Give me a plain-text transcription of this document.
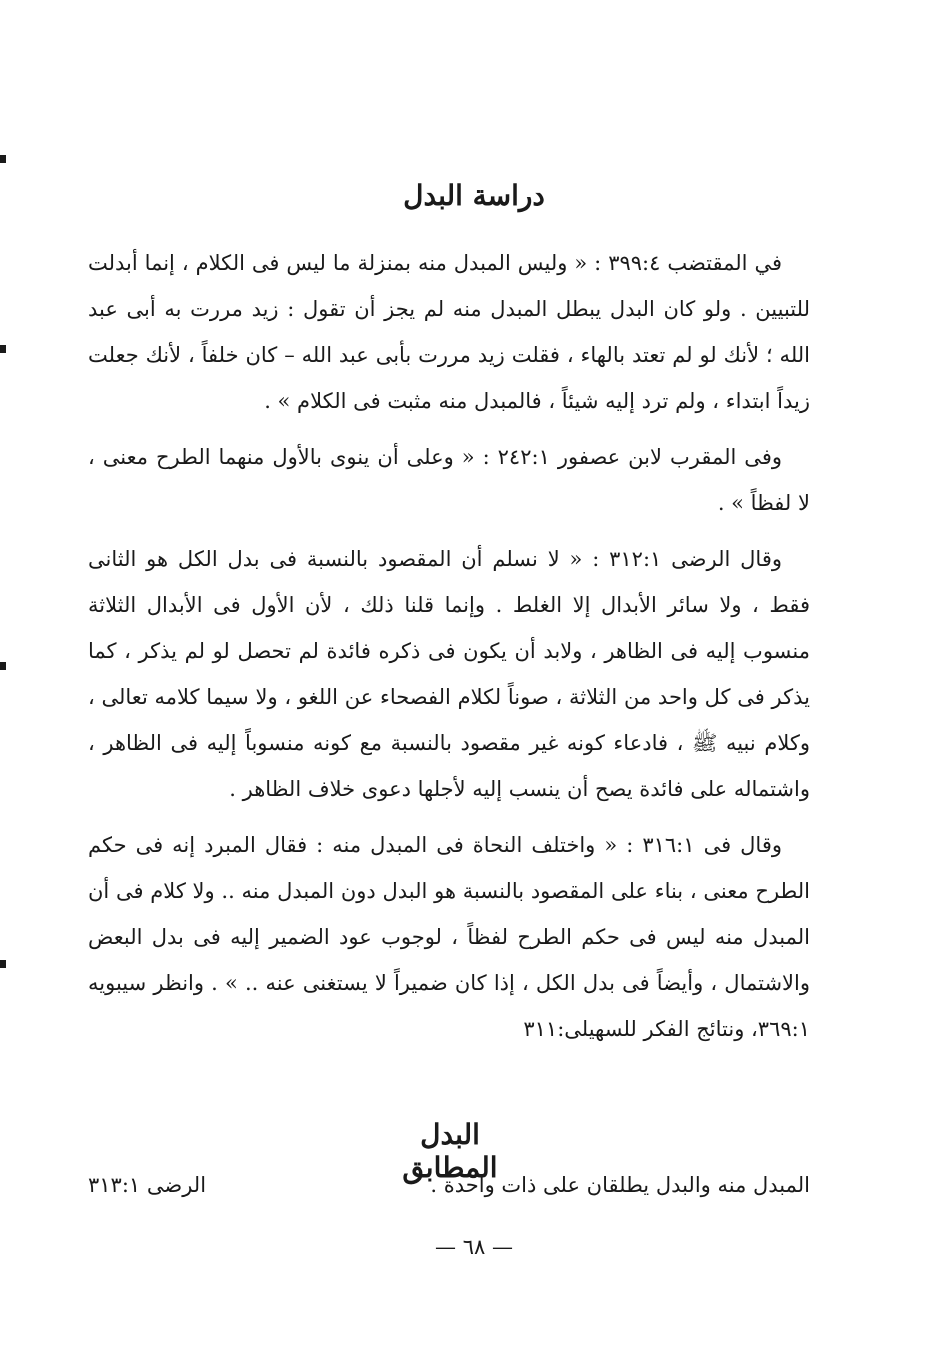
دراسة البدل

في المقتضب ٣٩٩:٤ : « وليس المبدل منه بمنزلة ما ليس فى الكلام ، إنما أبدلت للتبيين . ولو كان البدل يبطل المبدل منه لم يجز أن تقول : زيد مررت به أبى عبد الله ؛ لأنك لو لم تعتد بالهاء ، فقلت زيد مررت بأبى عبد الله – كان خلفاً ، لأنك جعلت زيداً ابتداء ، ولم ترد إليه شيئاً ، فالمبدل منه مثبت فى الكلام » .

وفى المقرب لابن عصفور ٢٤٢:١ : « وعلى أن ينوى بالأول منهما الطرح معنى ، لا لفظاً » .

وقال الرضى ٣١٢:١ : « لا نسلم أن المقصود بالنسبة فى بدل الكل هو الثانى فقط ، ولا سائر الأبدال إلا الغلط . وإنما قلنا ذلك ، لأن الأول فى الأبدال الثلاثة منسوب إليه فى الظاهر ، ولابد أن يكون فى ذكره فائدة لم تحصل لو لم يذكر ، كما يذكر فى كل واحد من الثلاثة ، صوناً لكلام الفصحاء عن اللغو ، ولا سيما كلامه تعالى ، وكلام نبيه ﷺ ، فادعاء كونه غير مقصود بالنسبة مع كونه منسوباً إليه فى الظاهر ، واشتماله على فائدة يصح أن ينسب إليه لأجلها دعوى خلاف الظاهر .

وقال فى ٣١٦:١ : « واختلف النحاة فى المبدل منه : فقال المبرد إنه فى حكم الطرح معنى ، بناء على المقصود بالنسبة هو البدل دون المبدل منه .. ولا كلام فى أن المبدل منه ليس فى حكم الطرح لفظاً ، لوجوب عود الضمير إليه فى بدل البعض والاشتمال ، وأيضاً فى بدل الكل ، إذا كان ضميراً لا يستغنى عنه .. » . وانظر سيبويه ٣٦٩:١، ونتائج الفكر للسهيلى:٣١١

البدل المطابق
المبدل منه والبدل يطلقان على ذات واحدة .
الرضى ٣١٣:١
— ٦٨ —
